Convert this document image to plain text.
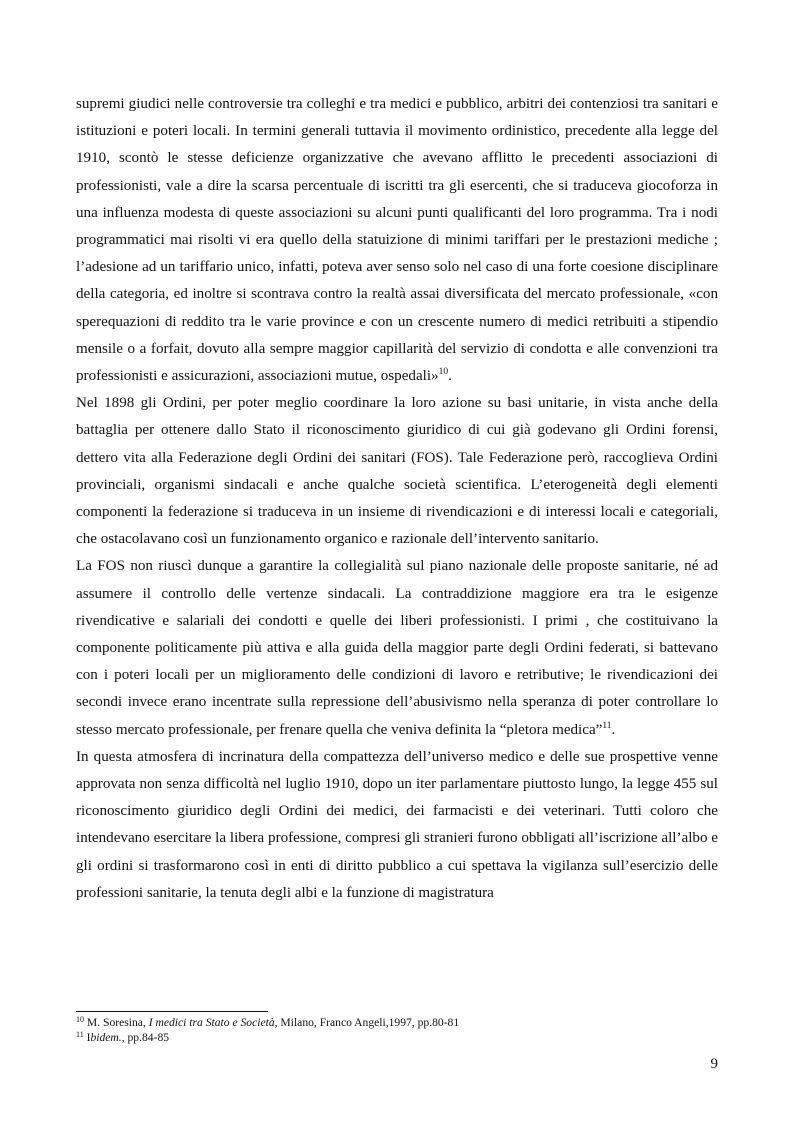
supremi giudici nelle controversie tra colleghi e tra medici e pubblico, arbitri dei contenziosi tra sanitari e istituzioni e poteri locali. In termini generali tuttavia il movimento ordinistico, precedente alla legge del 1910, scontò le stesse deficienze organizzative che avevano afflitto le precedenti associazioni di professionisti, vale a dire la scarsa percentuale di iscritti tra gli esercenti, che si traduceva giocoforza in una influenza modesta di queste associazioni su alcuni punti qualificanti del loro programma. Tra i nodi programmatici mai risolti vi era quello della statuizione di minimi tariffari per le prestazioni mediche ; l’adesione ad un tariffario unico, infatti, poteva aver senso solo nel caso di una forte coesione disciplinare della categoria, ed inoltre si scontrava contro la realtà assai diversificata del mercato professionale, «con sperequazioni di reddito tra le varie province e con un crescente numero di medici retribuiti a stipendio mensile o a forfait, dovuto alla sempre maggior capillarità del servizio di condotta e alle convenzioni tra professionisti e assicurazioni, associazioni mutue, ospedali»$^{10}$.

Nel 1898 gli Ordini, per poter meglio coordinare la loro azione su basi unitarie, in vista anche della battaglia per ottenere dallo Stato il riconoscimento giuridico di cui già godevano gli Ordini forensi, dettero vita alla Federazione degli Ordini dei sanitari (FOS). Tale Federazione però, raccoglieva Ordini provinciali, organismi sindacali e anche qualche società scientifica. L’eterogeneità degli elementi componenti la federazione si traduceva in un insieme di rivendicazioni e di interessi locali e categoriali, che ostacolavano così un funzionamento organico e razionale dell’intervento sanitario.

La FOS non riuscì dunque a garantire la collegialità sul piano nazionale delle proposte sanitarie, né ad assumere il controllo delle vertenze sindacali. La contraddizione maggiore era tra le esigenze rivendicative e salariali dei condotti e quelle dei liberi professionisti. I primi , che costituivano la componente politicamente più attiva e alla guida della maggior parte degli Ordini federati, si battevano con i poteri locali per un miglioramento delle condizioni di lavoro e retributive; le rivendicazioni dei secondi invece erano incentrate sulla repressione dell’abusivismo nella speranza di poter controllare lo stesso mercato professionale, per frenare quella che veniva definita la “pletora medica”$^{11}$.

In questa atmosfera di incrinatura della compattezza dell’universo medico e delle sue prospettive venne approvata non senza difficoltà nel luglio 1910, dopo un iter parlamentare piuttosto lungo, la legge 455 sul riconoscimento giuridico degli Ordini dei medici, dei farmacisti e dei veterinari. Tutti coloro che intendevano esercitare la libera professione, compresi gli stranieri furono obbligati all’iscrizione all’albo e gli ordini si trasformarono così in enti di diritto pubblico a cui spettava la vigilanza sull’esercizio delle professioni sanitarie, la tenuta degli albi e la funzione di magistratura

$^{10}$ M. Soresina, I medici tra Stato e Società, Milano, Franco Angeli,1997, pp.80-81
$^{11}$ Ibidem., pp.84-85
9
